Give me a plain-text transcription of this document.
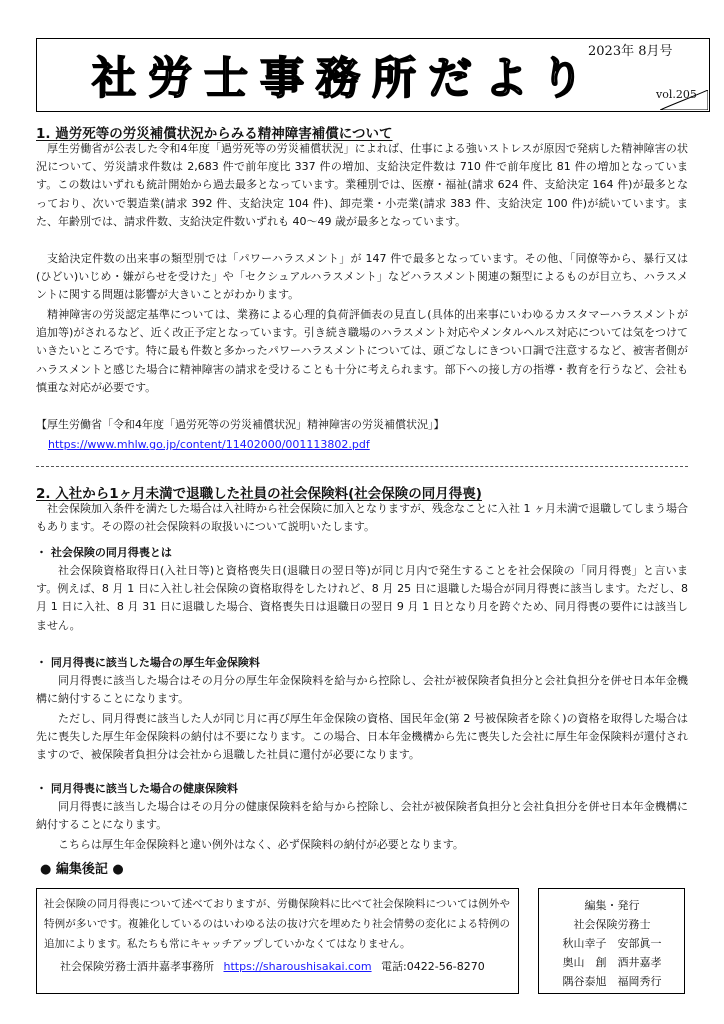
社労士事務所だより
2023年 8月号
vol.205
1. 過労死等の労災補償状況からみる精神障害補償について
厚生労働省が公表した令和4年度「過労死等の労災補償状況」によれば、仕事による強いストレスが原因で発病した精神障害の状況について、労災請求件数は 2,683 件で前年度比 337 件の増加、支給決定件数は 710 件で前年度比 81 件の増加となっています。この数はいずれも統計開始から過去最多となっています。業種別では、医療・福祉(請求 624 件、支給決定 164 件)が最多となっており、次いで製造業(請求 392 件、支給決定 104 件)、卸売業・小売業(請求 383 件、支給決定 100 件)が続いています。また、年齢別では、請求件数、支給決定件数いずれも 40～49 歳が最多となっています。
支給決定件数の出来事の類型別では「パワーハラスメント」が 147 件で最多となっています。その他、「同僚等から、暴行又は(ひどい)いじめ・嫌がらせを受けた」や「セクシュアルハラスメント」などハラスメント関連の類型によるものが目立ち、ハラスメントに関する問題は影響が大きいことがわかります。
精神障害の労災認定基準については、業務による心理的負荷評価表の見直し(具体的出来事にいわゆるカスタマーハラスメントが追加等)がされるなど、近く改正予定となっています。引き続き職場のハラスメント対応やメンタルヘルス対応については気をつけていきたいところです。特に最も件数と多かったパワーハラスメントについては、頭ごなしにきつい口調で注意するなど、被害者側がハラスメントと感じた場合に精神障害の請求を受けることも十分に考えられます。部下への接し方の指導・教育を行うなど、会社も慎重な対応が必要です。
【厚生労働省「令和4年度「過労死等の労災補償状況」精神障害の労災補償状況」】
https://www.mhlw.go.jp/content/11402000/001113802.pdf
2. 入社から1ヶ月未満で退職した社員の社会保険料(社会保険の同月得喪)
社会保険加入条件を満たした場合は入社時から社会保険に加入となりますが、残念なことに入社 1 ヶ月未満で退職してしまう場合もあります。その際の社会保険料の取扱いについて説明いたします。
・ 社会保険の同月得喪とは
社会保険資格取得日(入社日等)と資格喪失日(退職日の翌日等)が同じ月内で発生することを社会保険の「同月得喪」と言います。例えば、8 月 1 日に入社し社会保険の資格取得をしたけれど、8 月 25 日に退職した場合が同月得喪に該当します。ただし、8 月 1 日に入社、8 月 31 日に退職した場合、資格喪失日は退職日の翌日 9 月 1 日となり月を跨ぐため、同月得喪の要件には該当しません。
・ 同月得喪に該当した場合の厚生年金保険料
同月得喪に該当した場合はその月分の厚生年金保険料を給与から控除し、会社が被保険者負担分と会社負担分を併せ日本年金機構に納付することになります。
ただし、同月得喪に該当した人が同じ月に再び厚生年金保険の資格、国民年金(第 2 号被保険者を除く)の資格を取得した場合は先に喪失した厚生年金保険料の納付は不要になります。この場合、日本年金機構から先に喪失した会社に厚生年金保険料が還付されますので、被保険者負担分は会社から退職した社員に還付が必要になります。
・ 同月得喪に該当した場合の健康保険料
同月得喪に該当した場合はその月分の健康保険料を給与から控除し、会社が被保険者負担分と会社負担分を併せ日本年金機構に納付することになります。
こちらは厚生年金保険料と違い例外はなく、必ず保険料の納付が必要となります。
● 編集後記 ●
社会保険の同月得喪について述べておりますが、労働保険料に比べて社会保険料については例外や特例が多いです。複雑化しているのはいわゆる法の抜け穴を埋めたり社会情勢の変化による特例の追加によります。私たちも常にキャッチアップしていかなくてはなりません。
社会保険労務士酒井嘉孝事務所 https://sharoushisakai.com 電話:0422-56-8270
編集・発行
社会保険労務士
秋山幸子　安部眞一
奥山　創　酒井嘉孝
隅谷泰旭　福岡秀行
